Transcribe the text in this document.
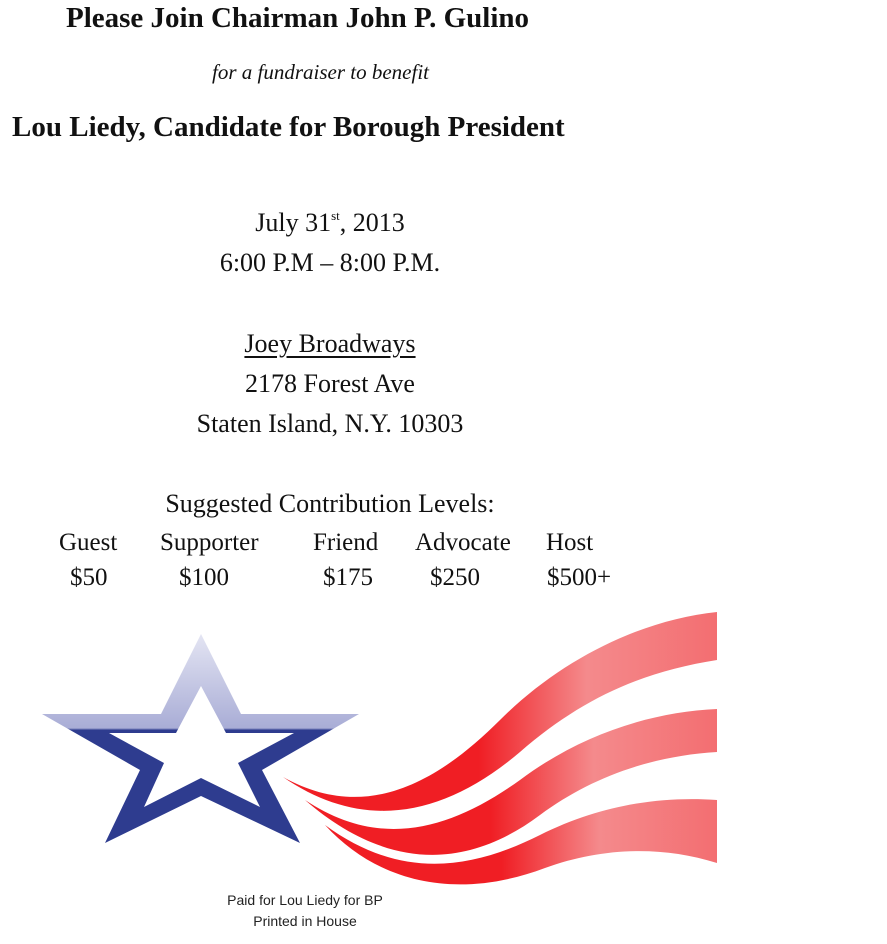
Please Join Chairman John P. Gulino
for a fundraiser to benefit
Lou Liedy, Candidate for Borough President
July 31st, 2013
6:00 P.M – 8:00 P.M.
Joey Broadways
2178 Forest Ave
Staten Island, N.Y. 10303
Suggested Contribution Levels:
Guest Supporter Friend Advocate Host
$50	$100	$175 $250	$500+
Paid for Lou Liedy for BP
Printed in House
